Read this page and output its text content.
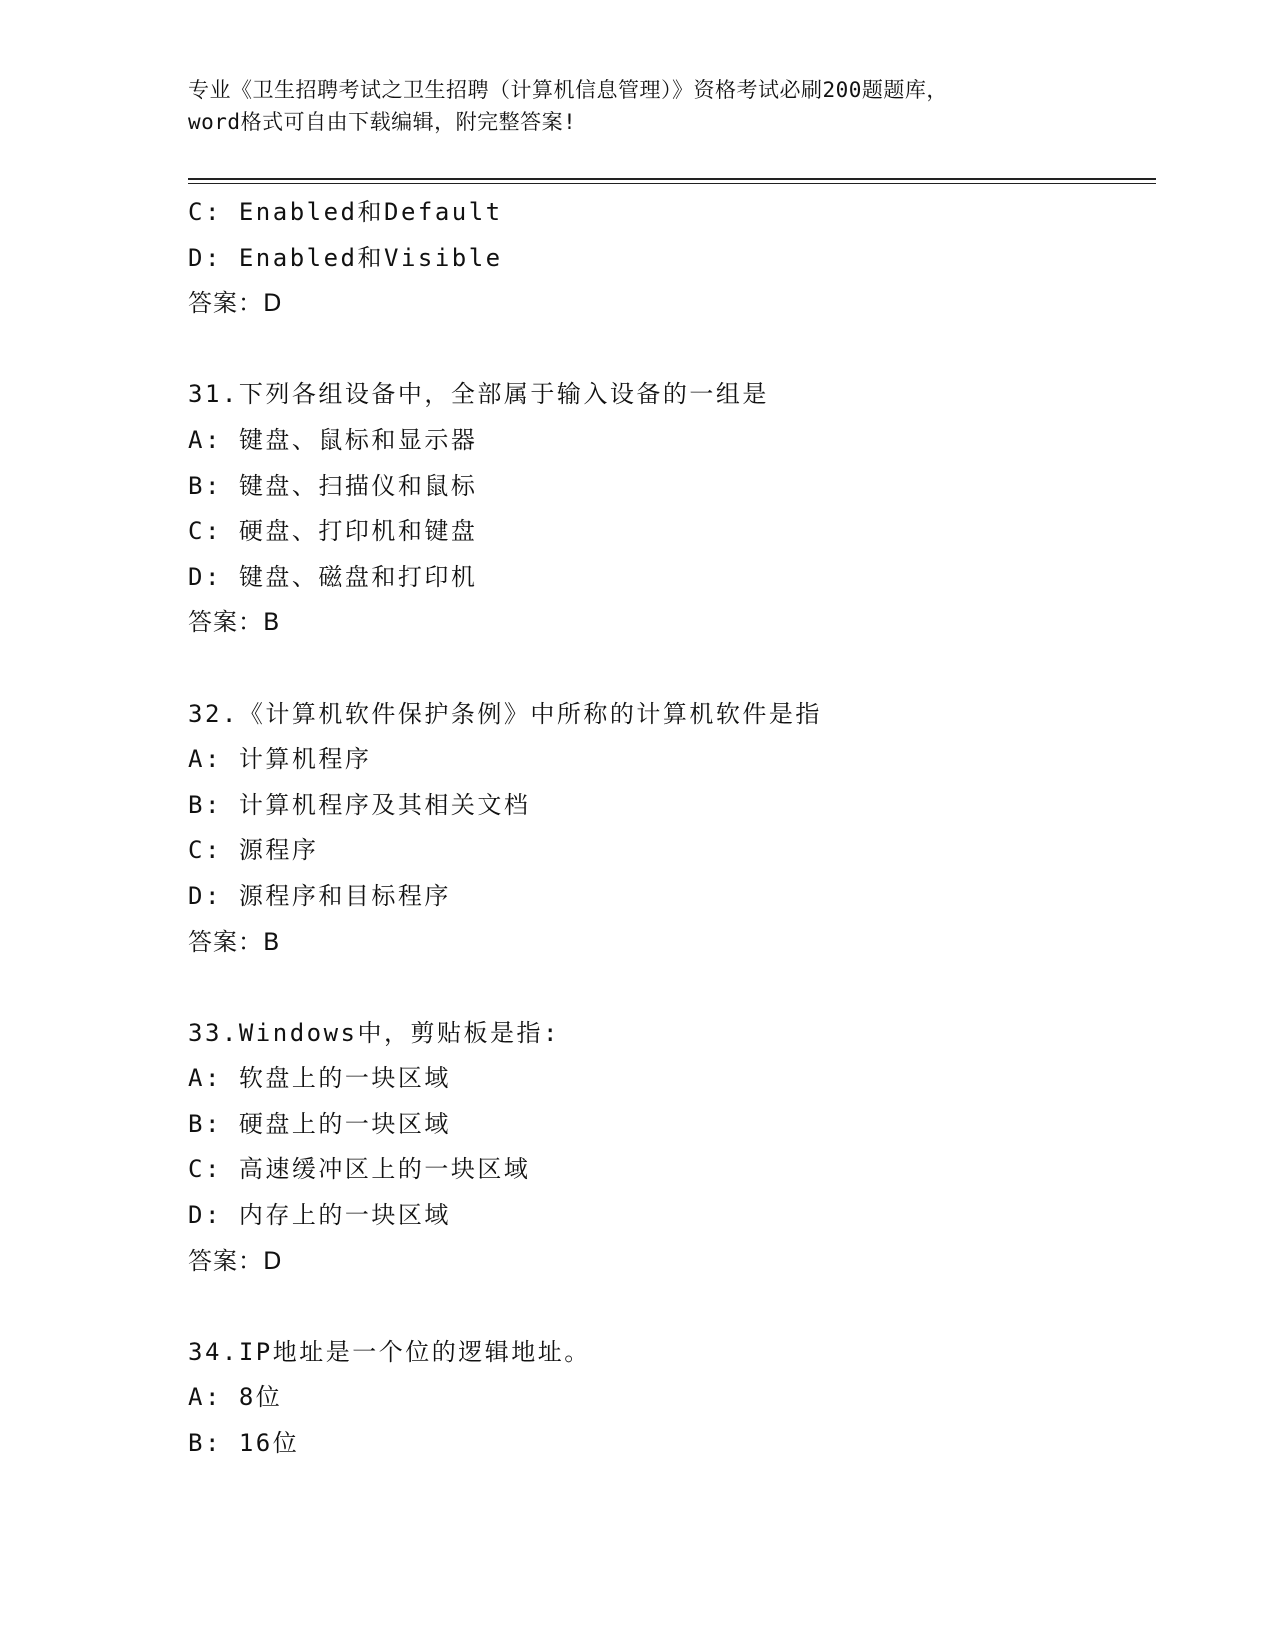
专业《卫生招聘考试之卫生招聘（计算机信息管理）》资格考试必刷200题题库，
word格式可自由下载编辑，附完整答案!
C: Enabled和Default
D: Enabled和Visible
答案：D
31.下列各组设备中，全部属于输入设备的一组是
A: 键盘、鼠标和显示器
B: 键盘、扫描仪和鼠标
C: 硬盘、打印机和键盘
D: 键盘、磁盘和打印机
答案：B
32.《计算机软件保护条例》中所称的计算机软件是指
A: 计算机程序
B: 计算机程序及其相关文档
C: 源程序
D: 源程序和目标程序
答案：B
33.Windows中，剪贴板是指:
A: 软盘上的一块区域
B: 硬盘上的一块区域
C: 高速缓冲区上的一块区域
D: 内存上的一块区域
答案：D
34.IP地址是一个位的逻辑地址。
A: 8位
B: 16位
